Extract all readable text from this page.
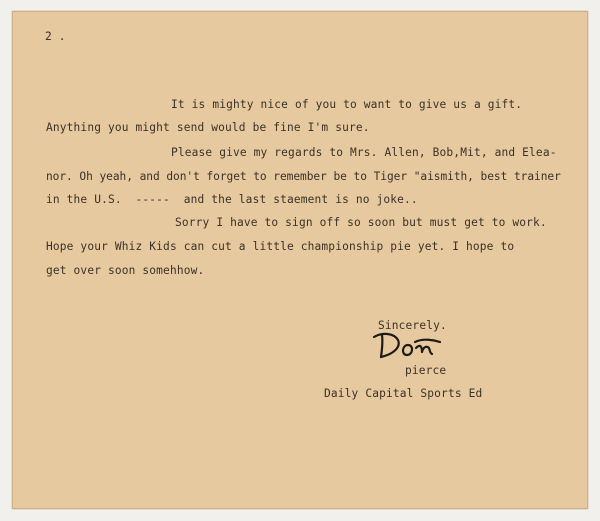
2 .
It is mighty nice of you to want to give us a gift.
Anything you might send would be fine I'm sure.
Please give my regards to Mrs. Allen, Bob,Mit, and Elea-
nor. Oh yeah, and don't forget to remember be to Tiger "aismith, best trainer
in the U.S.  -----  and the last staement is no joke..
Sorry I have to sign off so soon but must get to work.
Hope your Whiz Kids can cut a little championship pie yet. I hope to
get over soon somehhow.
Sincerely.
pierce
Daily Capital Sports Ed
